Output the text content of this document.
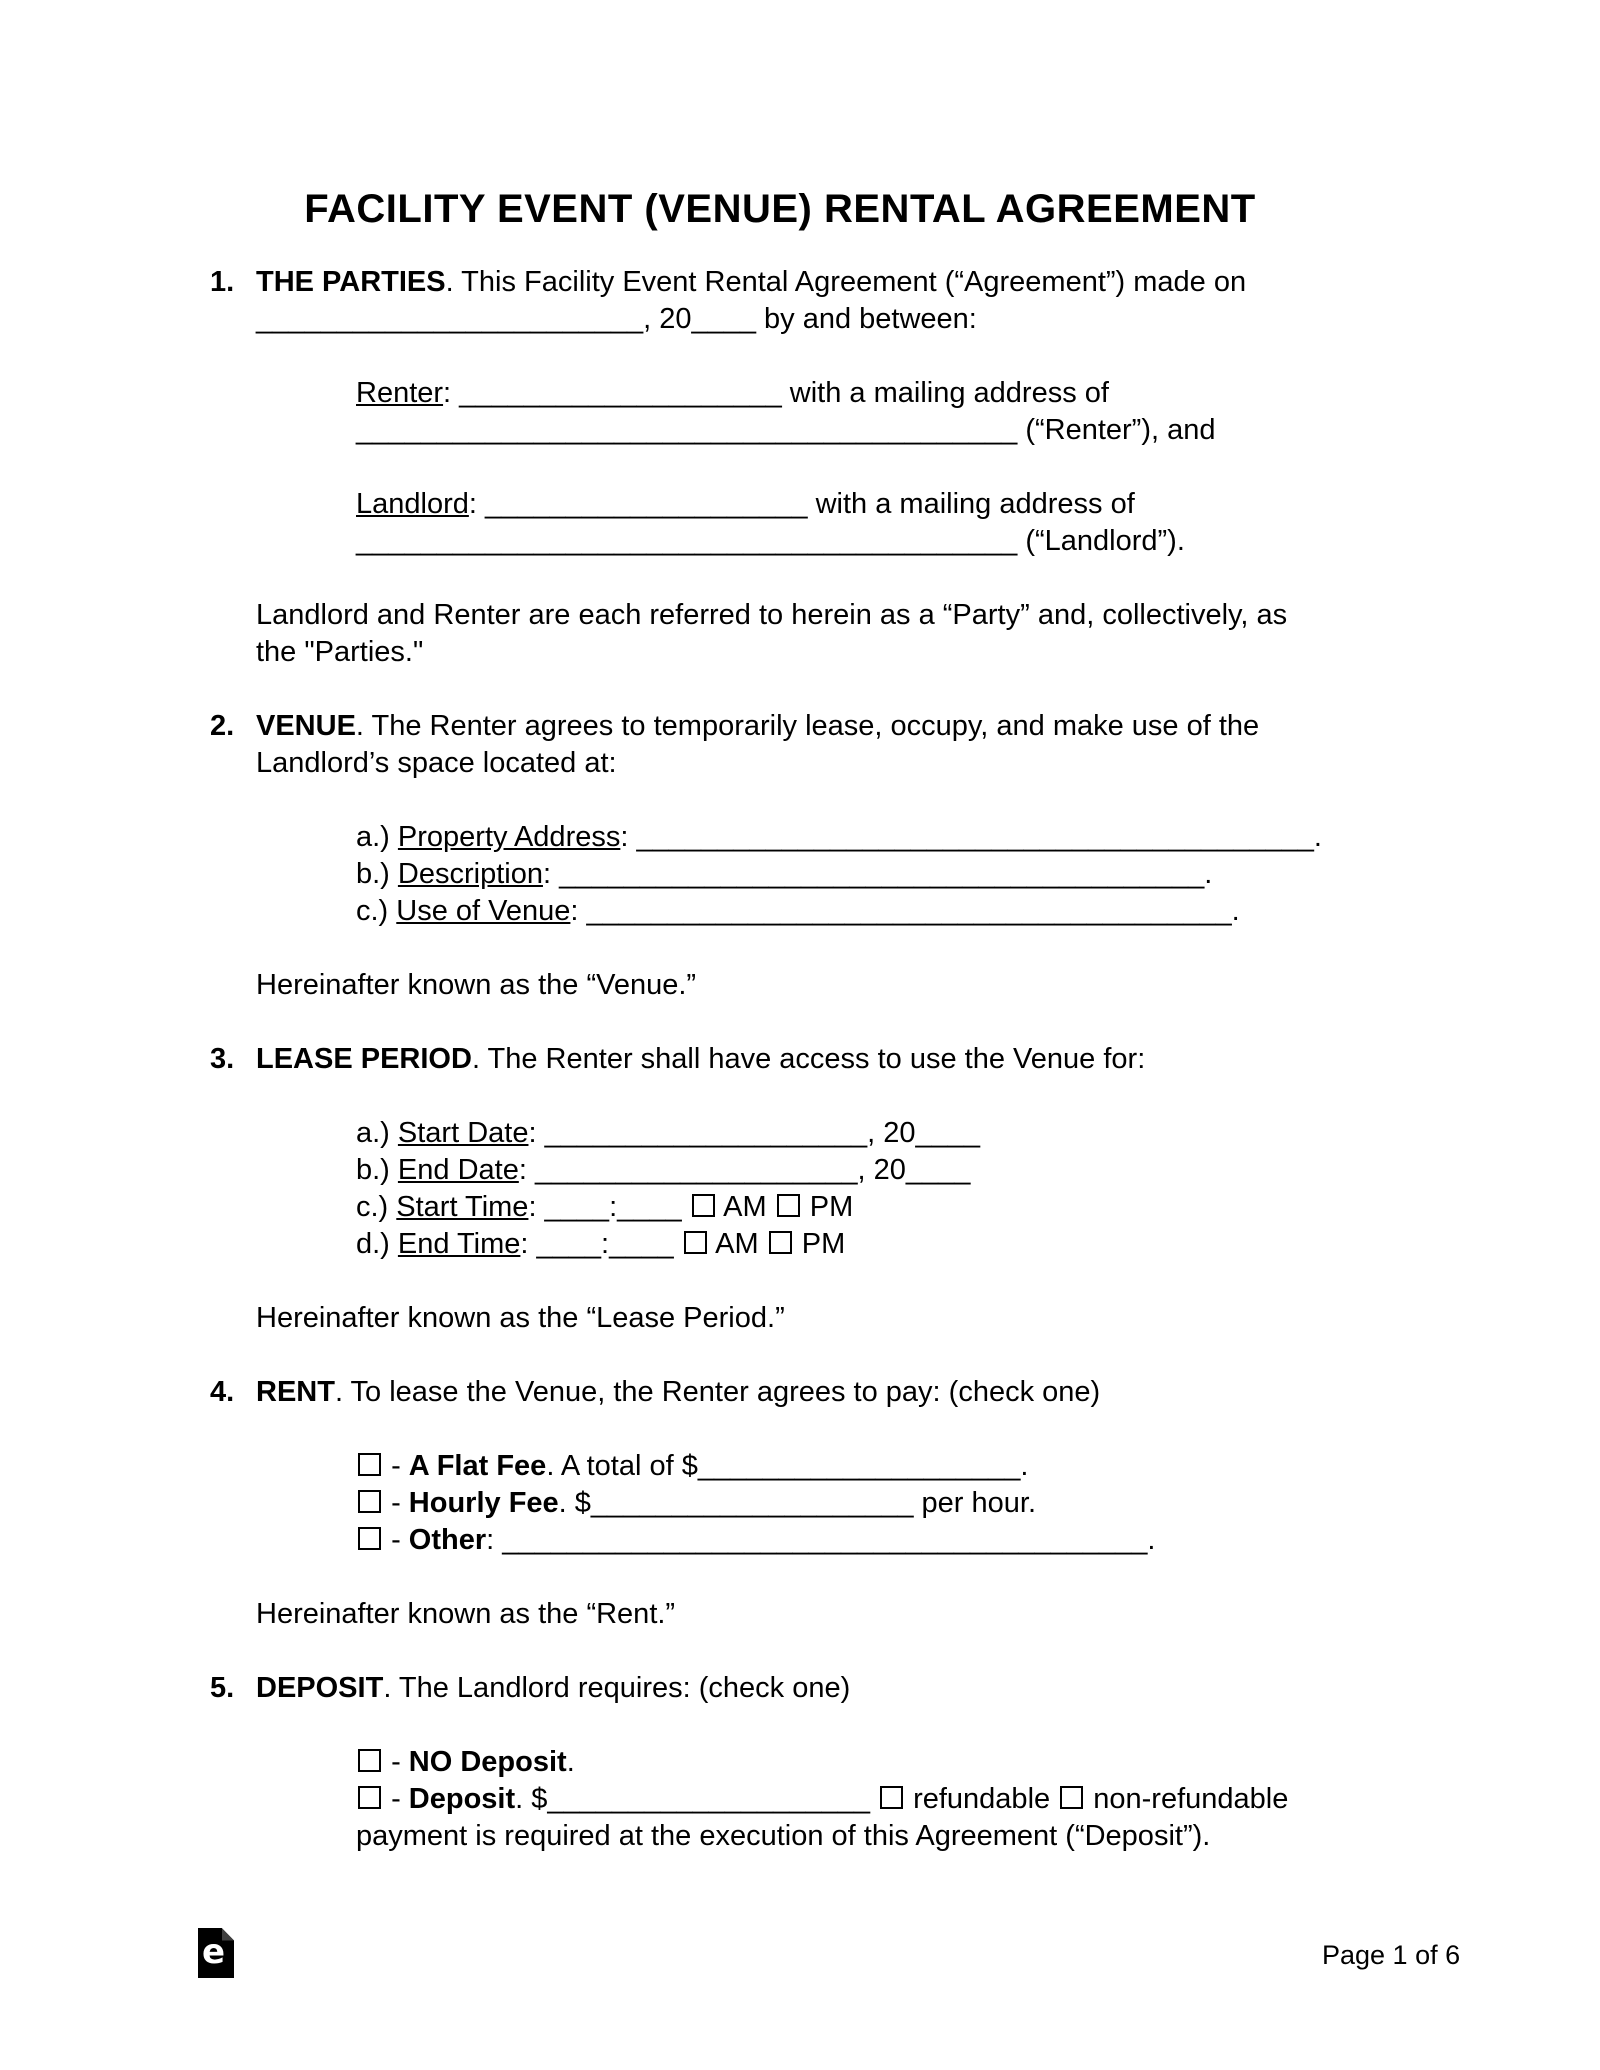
FACILITY EVENT (VENUE) RENTAL AGREEMENT
1. THE PARTIES. This Facility Event Rental Agreement (“Agreement”) made on
________________________, 20____ by and between:
Renter: ____________________ with a mailing address of
_________________________________________ (“Renter”), and
Landlord: ____________________ with a mailing address of
_________________________________________ (“Landlord”).
Landlord and Renter are each referred to herein as a “Party” and, collectively, as
the "Parties."
2. VENUE. The Renter agrees to temporarily lease, occupy, and make use of the
Landlord’s space located at:
a.) Property Address: __________________________________________.
b.) Description: ________________________________________.
c.) Use of Venue: ________________________________________.
Hereinafter known as the “Venue.”
3. LEASE PERIOD. The Renter shall have access to use the Venue for:
a.) Start Date: ____________________, 20____
b.) End Date: ____________________, 20____
c.) Start Time: ____:____ AM PM
d.) End Time: ____:____ AM PM
Hereinafter known as the “Lease Period.”
4. RENT. To lease the Venue, the Renter agrees to pay: (check one)
- A Flat Fee. A total of $____________________.
- Hourly Fee. $____________________ per hour.
- Other: ________________________________________.
Hereinafter known as the “Rent.”
5. DEPOSIT. The Landlord requires: (check one)
- NO Deposit.
- Deposit. $____________________ refundable non-refundable
payment is required at the execution of this Agreement (“Deposit”).
e	Page 1 of 6
